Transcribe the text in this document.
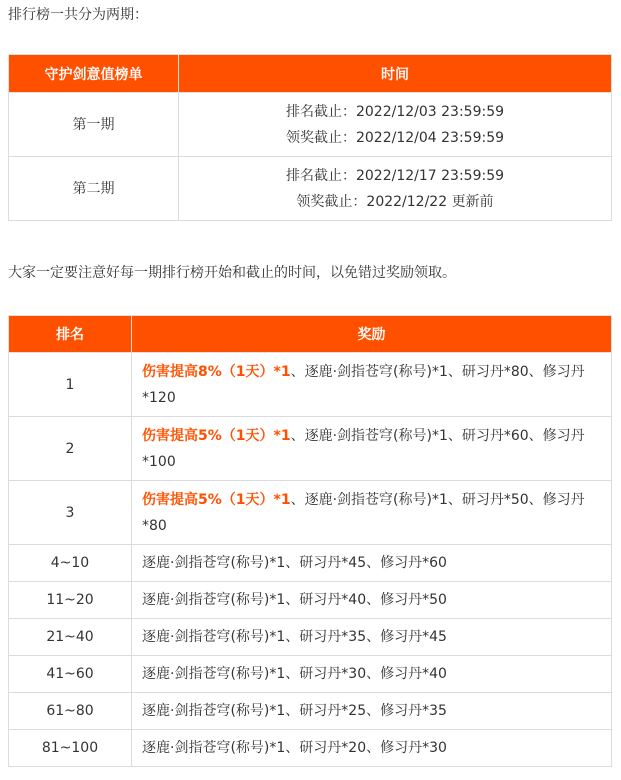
排行榜一共分为两期：
守护剑意值榜单	时间
第一期	排名截止：2022/12/03 23:59:59
领奖截止：2022/12/04 23:59:59

第二期	排名截止：2022/12/17 23:59:59
领奖截止：2022/12/22 更新前
大家一定要注意好每一期排行榜开始和截止的时间，以免错过奖励领取。
排名	奖励
1	伤害提高8%（1天）*1、逐鹿·剑指苍穹(称号)*1、研习丹*80、修习丹*120
2	伤害提高5%（1天）*1、逐鹿·剑指苍穹(称号)*1、研习丹*60、修习丹*100
3	伤害提高5%（1天）*1、逐鹿·剑指苍穹(称号)*1、研习丹*50、修习丹*80
4~10	逐鹿·剑指苍穹(称号)*1、研习丹*45、修习丹*60
11~20	逐鹿·剑指苍穹(称号)*1、研习丹*40、修习丹*50
21~40	逐鹿·剑指苍穹(称号)*1、研习丹*35、修习丹*45
41~60	逐鹿·剑指苍穹(称号)*1、研习丹*30、修习丹*40
61~80	逐鹿·剑指苍穹(称号)*1、研习丹*25、修习丹*35
81~100	逐鹿·剑指苍穹(称号)*1、研习丹*20、修习丹*30
